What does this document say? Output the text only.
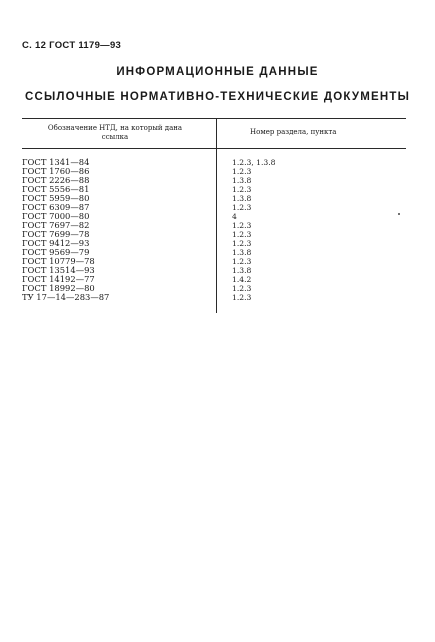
С. 12 ГОСТ 1179—93
ИНФОРМАЦИОННЫЕ ДАННЫЕ
ССЫЛОЧНЫЕ НОРМАТИВНО-ТЕХНИЧЕСКИЕ ДОКУМЕНТЫ
Обозначение НТД, на который дана ссылка
Номер раздела, пункта
ГОСТ 1341—84
ГОСТ 1760—86
ГОСТ 2226—88
ГОСТ 5556—81
ГОСТ 5959—80
ГОСТ 6309—87
ГОСТ 7000—80
ГОСТ 7697—82
ГОСТ 7699—78
ГОСТ 9412—93
ГОСТ 9569—79
ГОСТ 10779—78
ГОСТ 13514—93
ГОСТ 14192—77
ГОСТ 18992—80
ТУ 17—14—283—87
1.2.3, 1.3.8
1.2.3
1.3.8
1.2.3
1.3.8
1.2.3
4
1.2.3
1.2.3
1.2.3
1.3.8
1.2.3
1.3.8
1.4.2
1.2.3
1.2.3
